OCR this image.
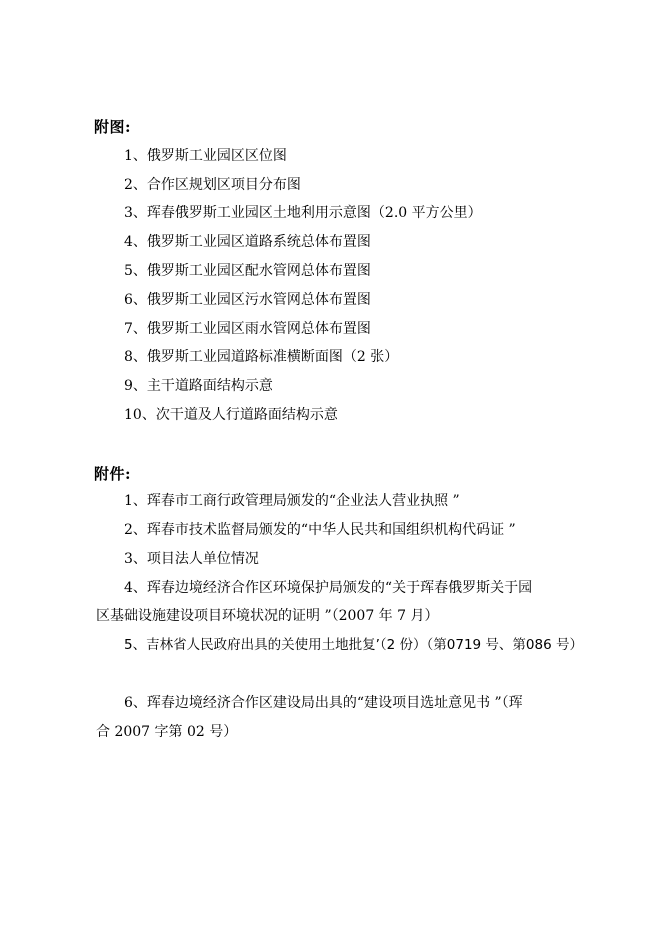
附图:
1、俄罗斯工业园区区位图
2、合作区规划区项目分布图
3、珲春俄罗斯工业园区土地利用示意图（2.0 平方公里）
4、俄罗斯工业园区道路系统总体布置图
5、俄罗斯工业园区配水管网总体布置图
6、俄罗斯工业园区污水管网总体布置图
7、俄罗斯工业园区雨水管网总体布置图
8、俄罗斯工业园道路标准横断面图（2 张）
9、主干道路面结构示意
10、次干道及人行道路面结构示意
附件:
1、珲春市工商行政管理局颁发的“企业法人营业执照 ”
2、珲春市技术监督局颁发的“中华人民共和国组织机构代码证 ”
3、项目法人单位情况
4、珲春边境经济合作区环境保护局颁发的“关于珲春俄罗斯关于园
区基础设施建设项目环境状况的证明 ”（2007 年 7 月）
5、吉林省人民政府出具的关使用土地批复’（2 份）（第0719 号、第086 号）
6、珲春边境经济合作区建设局出具的“建设项目选址意见书 ”（珲
合 2007 字第 02 号）
